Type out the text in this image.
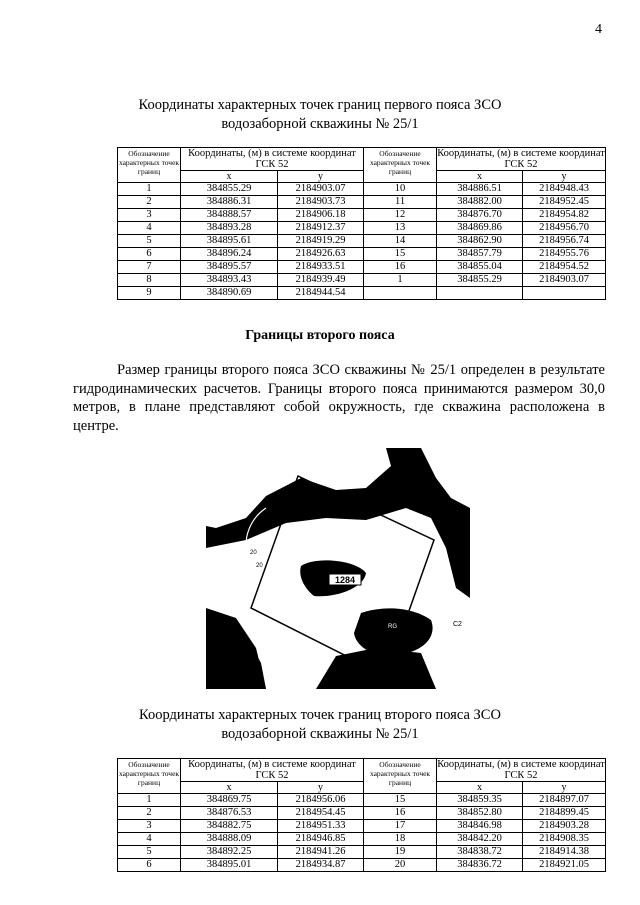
4
Координаты характерных точек границ первого пояса ЗСО
водозаборной скважины № 25/1
Обозначение характерных точек границ	Координаты, (м) в системе координат ГСК 52		Обозначение характерных точек границ	Координаты, (м) в системе координат ГСК 52	
	x	y		x	y
1	384855.29	2184903.07	10	384886.51	2184948.43
2	384886.31	2184903.73	11	384882.00	2184952.45
3	384888.57	2184906.18	12	384876.70	2184954.82
4	384893.28	2184912.37	13	384869.86	2184956.70
5	384895.61	2184919.29	14	384862.90	2184956.74
6	384896.24	2184926.63	15	384857.79	2184955.76
7	384895.57	2184933.51	16	384855.04	2184954.52
8	384893.43	2184939.49	1	384855.29	2184903.07
9	384890.69	2184944.54			
Границы второго пояса

Размер границы второго пояса ЗСО скважины № 25/1 определен в результате гидродинамических расчетов. Границы второго пояса принимаются размером 30,0 метров, в плане представляют собой окружность, где скважина расположена в центре.

1284
20
20
RG	C2
Координаты характерных точек границ второго пояса ЗСО
водозаборной скважины № 25/1
Обозначение характерных точек границ	Координаты, (м) в системе координат ГСК 52		Обозначение характерных точек границ	Координаты, (м) в системе координат ГСК 52	
	x	y		x	y
1	384869.75	2184956.06	15	384859.35	2184897.07
2	384876.53	2184954.45	16	384852.80	2184899.45
3	384882.75	2184951.33	17	384846.98	2184903.28
4	384888.09	2184946.85	18	384842.20	2184908.35
5	384892.25	2184941.26	19	384838.72	2184914.38
6	384895.01	2184934.87	20	384836.72	2184921.05
